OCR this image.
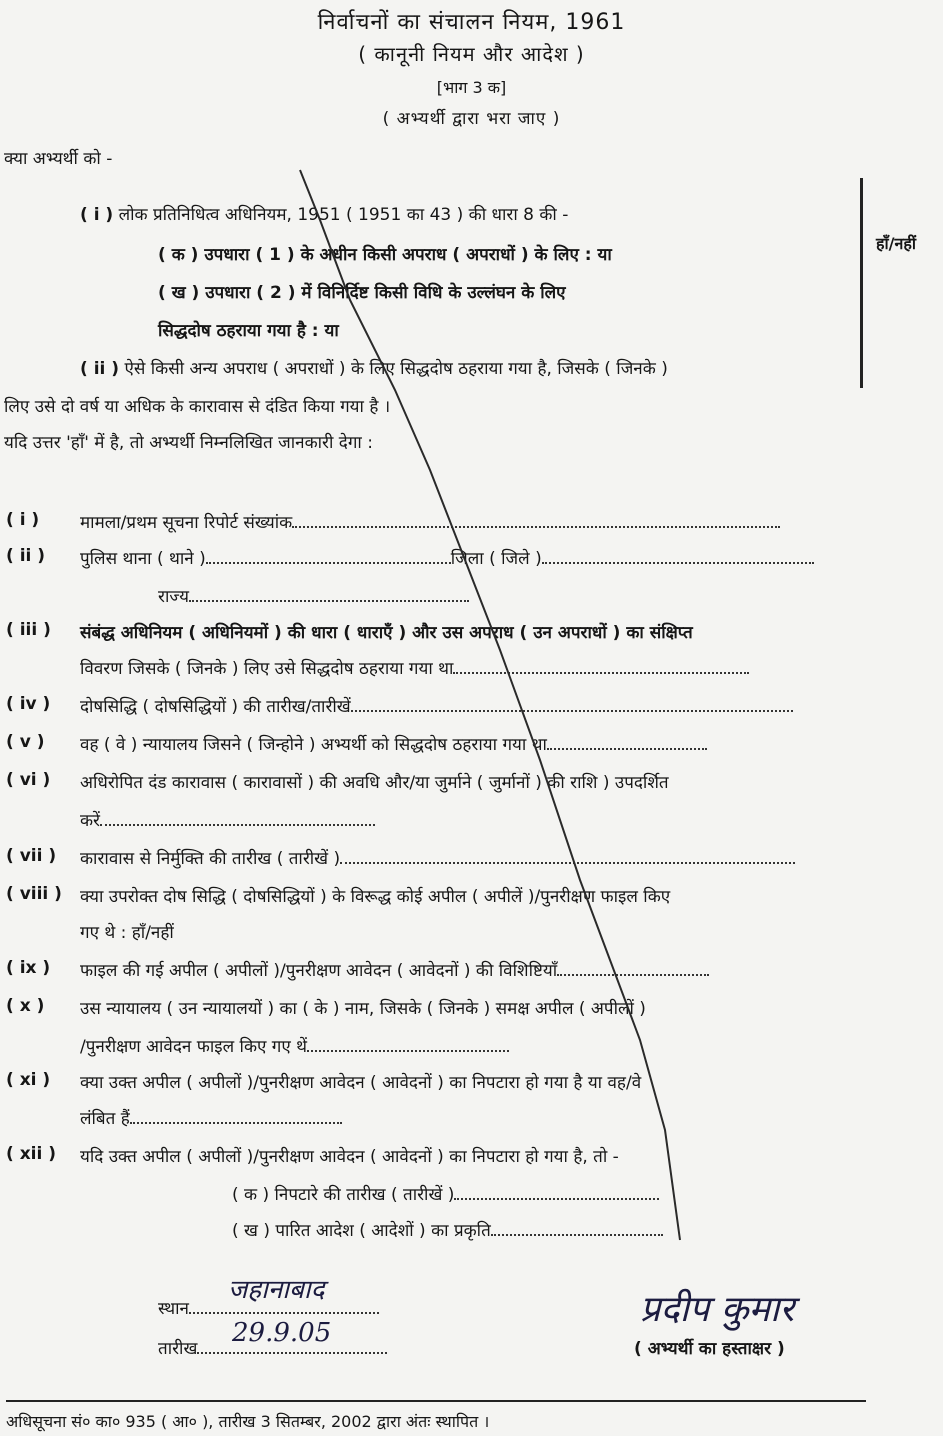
निर्वाचनों का संचालन नियम, 1961
( कानूनी नियम और आदेश )
[भाग 3 क]
( अभ्यर्थी द्वारा भरा जाए )
क्या अभ्यर्थी को -
हाँ/नहीं
( i ) लोक प्रतिनिधित्व अधिनियम, 1951 ( 1951 का 43 ) की धारा 8 की -
( क ) उपधारा ( 1 ) के अधीन किसी अपराध ( अपराधों ) के लिए : या
( ख ) उपधारा ( 2 ) में विनिर्दिष्ट किसी विधि के उल्लंघन के लिए
सिद्धदोष ठहराया गया है : या
( ii ) ऐसे किसी अन्य अपराध ( अपराधों ) के लिए सिद्धदोष ठहराया गया है, जिसके ( जिनके )
लिए उसे दो वर्ष या अधिक के कारावास से दंडित किया गया है ।
यदि उत्तर 'हाँ' में है, तो अभ्यर्थी निम्नलिखित जानकारी देगा :
( i ) मामला/प्रथम सूचना रिपोर्ट संख्यांक
( ii ) पुलिस थाना ( थाने )	जिला ( जिले )
राज्य
( iii ) संबंद्ध अधिनियम ( अधिनियमों ) की धारा ( धाराएँ ) और उस अपराध ( उन अपराधों ) का संक्षिप्त
विवरण जिसके ( जिनके ) लिए उसे सिद्धदोष ठहराया गया था
( iv ) दोषसिद्धि ( दोषसिद्धियों ) की तारीख/तारीखें
( v ) वह ( वे ) न्यायालय जिसने ( जिन्होने ) अभ्यर्थी को सिद्धदोष ठहराया गया था
( vi ) अधिरोपित दंड कारावास ( कारावासों ) की अवधि और/या जुर्माने ( जुर्मानों ) की राशि ) उपदर्शित
करें
( vii ) कारावास से निर्मुक्ति की तारीख ( तारीखें )
( viii ) क्या उपरोक्त दोष सिद्धि ( दोषसिद्धियों ) के विरूद्ध कोई अपील ( अपीलें )/पुनरीक्षण फाइल किए
गए थे : हाँ/नहीं
( ix ) फाइल की गई अपील ( अपीलों )/पुनरीक्षण आवेदन ( आवेदनों ) की विशिष्टियाँ
( x ) उस न्यायालय ( उन न्यायालयों ) का ( के ) नाम, जिसके ( जिनके ) समक्ष अपील ( अपीलों )
/पुनरीक्षण आवेदन फाइल किए गए थें
( xi ) क्या उक्त अपील ( अपीलों )/पुनरीक्षण आवेदन ( आवेदनों ) का निपटारा हो गया है या वह/वे
लंबित हैं
( xii ) यदि उक्त अपील ( अपीलों )/पुनरीक्षण आवेदन ( आवेदनों ) का निपटारा हो गया है, तो -
( क ) निपटारे की तारीख ( तारीखें )
( ख ) पारित आदेश ( आदेशों ) का प्रकृति
स्थान
जहानाबाद
तारीख
29.9.05
प्रदीप कुमार
( अभ्यर्थी का हस्ताक्षर )
अधिसूचना सं० का० 935 ( आ० ), तारीख 3 सितम्बर, 2002 द्वारा अंतः स्थापित ।
